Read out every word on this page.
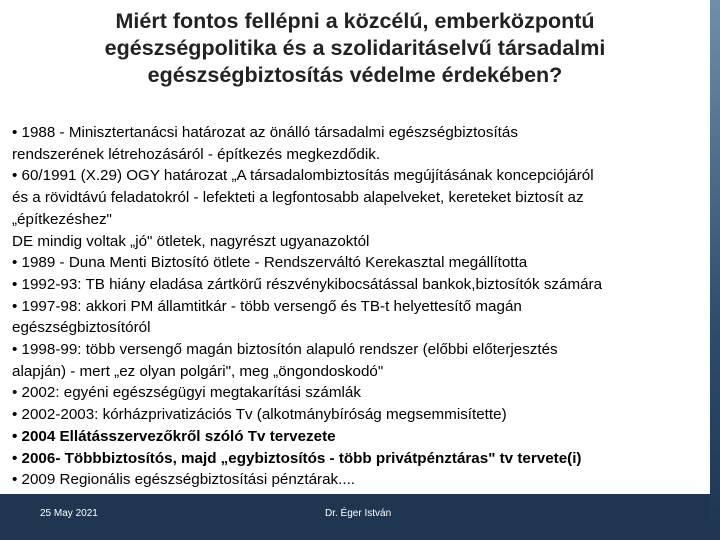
Miért fontos fellépni a közcélú, emberközpontú
egészségpolitika és a szolidaritáselvű társadalmi
egészségbiztosítás védelme érdekében?
• 1988 - Minisztertanácsi határozat az önálló társadalmi egészségbiztosítás
rendszerének létrehozásáról - építkezés megkezdődik.
• 60/1991 (X.29) OGY határozat „A társadalombiztosítás megújításának koncepciójáról
és a rövidtávú feladatokról - lefekteti a legfontosabb alapelveket, kereteket biztosít az
„építkezéshez"
DE mindig voltak „jó" ötletek, nagyrészt ugyanazoktól
• 1989 - Duna Menti Biztosító ötlete - Rendszerváltó Kerekasztal megállította
• 1992-93: TB hiány eladása zártkörű részvénykibocsátással bankok,biztosítók számára
• 1997-98: akkori PM államtitkár - több versengő és TB-t helyettesítő magán
egészségbiztosítóról
• 1998-99: több versengő magán biztosítón alapuló rendszer (előbbi előterjesztés
alapján) - mert „ez olyan polgári", meg „öngondoskodó"
• 2002: egyéni egészségügyi megtakarítási számlák
• 2002-2003: kórházprivatizációs Tv (alkotmánybíróság megsemmisítette)
• 2004 Ellátásszervezőkről szóló Tv tervezete
• 2006- Többbiztosítós, majd „egybiztosítós - több privátpénztáras" tv tervete(i)
• 2009 Regionális egészségbiztosítási pénztárak....
25 May 2021	Dr. Éger István
